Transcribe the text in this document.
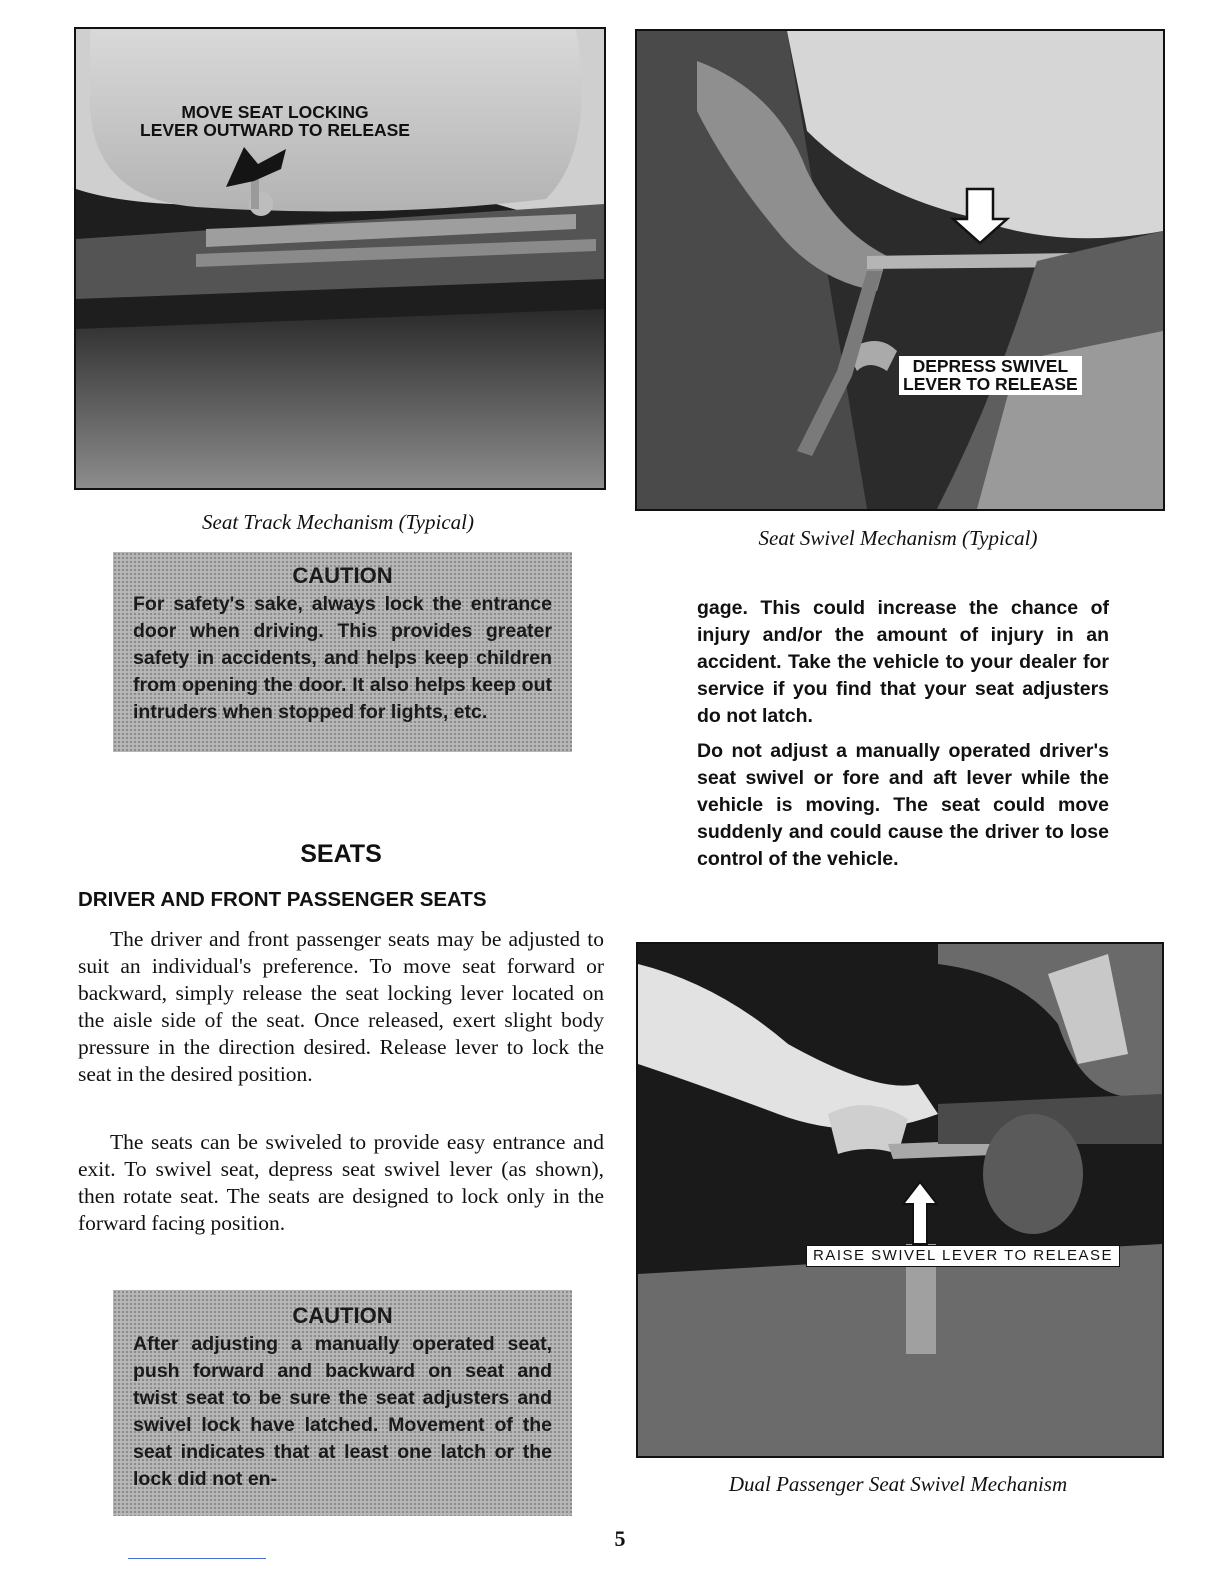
MOVE SEAT LOCKING
LEVER OUTWARD TO RELEASE
Seat Track Mechanism (Typical)
CAUTION
For safety's sake, always lock the entrance door when driving. This provides greater safety in accidents, and helps keep children from opening the door. It also helps keep out intruders when stopped for lights, etc.
SEATS
DRIVER AND FRONT PASSENGER SEATS

The driver and front passenger seats may be adjusted to suit an individual's preference. To move seat forward or backward, simply release the seat locking lever located on the aisle side of the seat. Once released, exert slight body pressure in the direction desired. Release lever to lock the seat in the desired position.

The seats can be swiveled to provide easy entrance and exit. To swivel seat, depress seat swivel lever (as shown), then rotate seat. The seats are designed to lock only in the forward facing position.

CAUTION
After adjusting a manually operated seat, push forward and backward on seat and twist seat to be sure the seat adjusters and swivel lock have latched. Movement of the seat indicates that at least one latch or the lock did not en-
DEPRESS SWIVEL
LEVER TO RELEASE
Seat Swivel Mechanism (Typical)

gage. This could increase the chance of injury and/or the amount of injury in an accident. Take the vehicle to your dealer for service if you find that your seat adjusters do not latch.

Do not adjust a manually operated driver's seat swivel or fore and aft lever while the vehicle is moving. The seat could move suddenly and could cause the driver to lose control of the vehicle.

RAISE SWIVEL LEVER TO RELEASE
Dual Passenger Seat Swivel Mechanism
5
